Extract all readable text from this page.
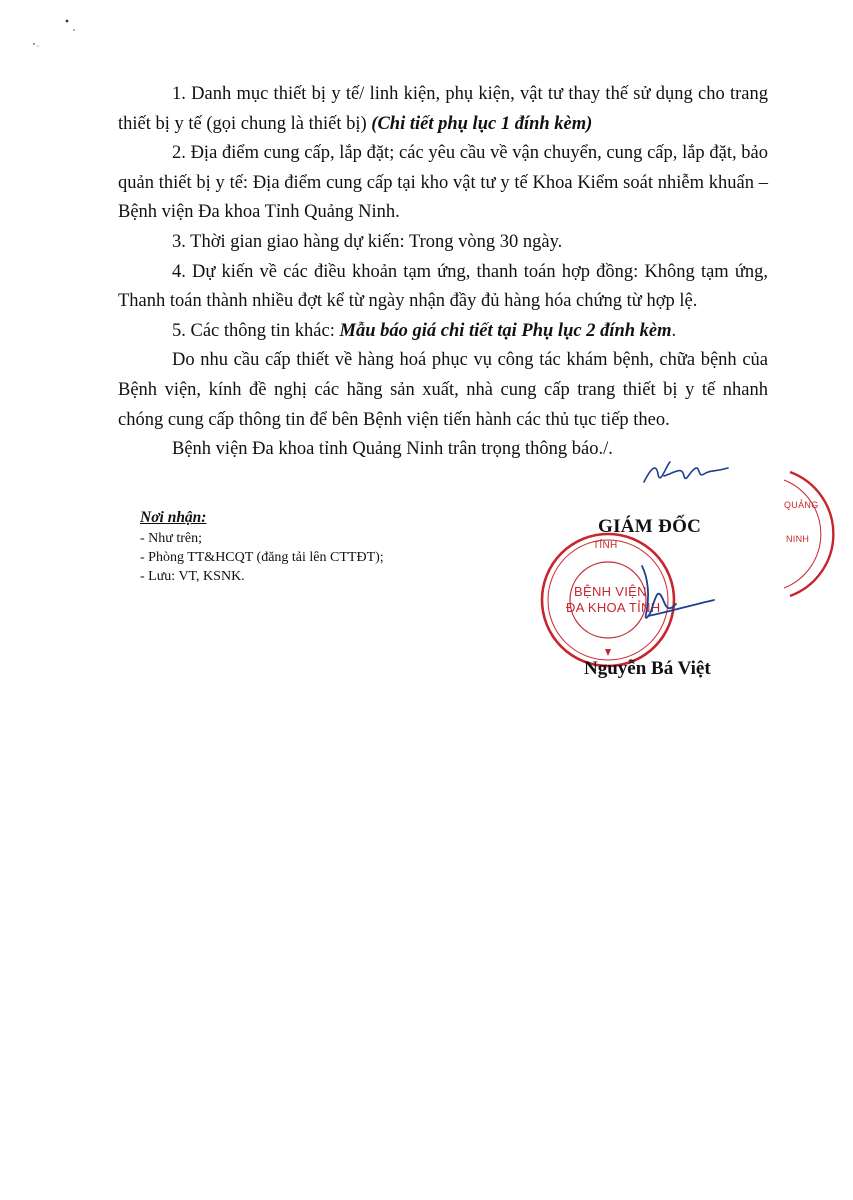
1. Danh mục thiết bị y tế/ linh kiện, phụ kiện, vật tư thay thế sử dụng cho trang thiết bị y tế (gọi chung là thiết bị) (Chi tiết phụ lục 1 đính kèm)

2. Địa điểm cung cấp, lắp đặt; các yêu cầu về vận chuyển, cung cấp, lắp đặt, bảo quản thiết bị y tế: Địa điểm cung cấp tại kho vật tư y tế Khoa Kiểm soát nhiễm khuẩn – Bệnh viện Đa khoa Tỉnh Quảng Ninh.

3. Thời gian giao hàng dự kiến: Trong vòng 30 ngày.

4. Dự kiến về các điều khoản tạm ứng, thanh toán hợp đồng: Không tạm ứng, Thanh toán thành nhiều đợt kể từ ngày nhận đầy đủ hàng hóa chứng từ hợp lệ.

5. Các thông tin khác: Mẫu báo giá chi tiết tại Phụ lục 2 đính kèm.

Do nhu cầu cấp thiết về hàng hoá phục vụ công tác khám bệnh, chữa bệnh của Bệnh viện, kính đề nghị các hãng sản xuất, nhà cung cấp trang thiết bị y tế nhanh chóng cung cấp thông tin để bên Bệnh viện tiến hành các thủ tục tiếp theo.

Bệnh viện Đa khoa tỉnh Quảng Ninh trân trọng thông báo./.

Nơi nhận:
- Như trên;
- Phòng TT&HCQT (đăng tải lên CTTĐT);
- Lưu: VT, KSNK.
GIÁM ĐỐC
TỈNH
BỆNH VIỆN
ĐA KHOA TỈNH
Nguyễn Bá Việt
QUẢNG
NINH
